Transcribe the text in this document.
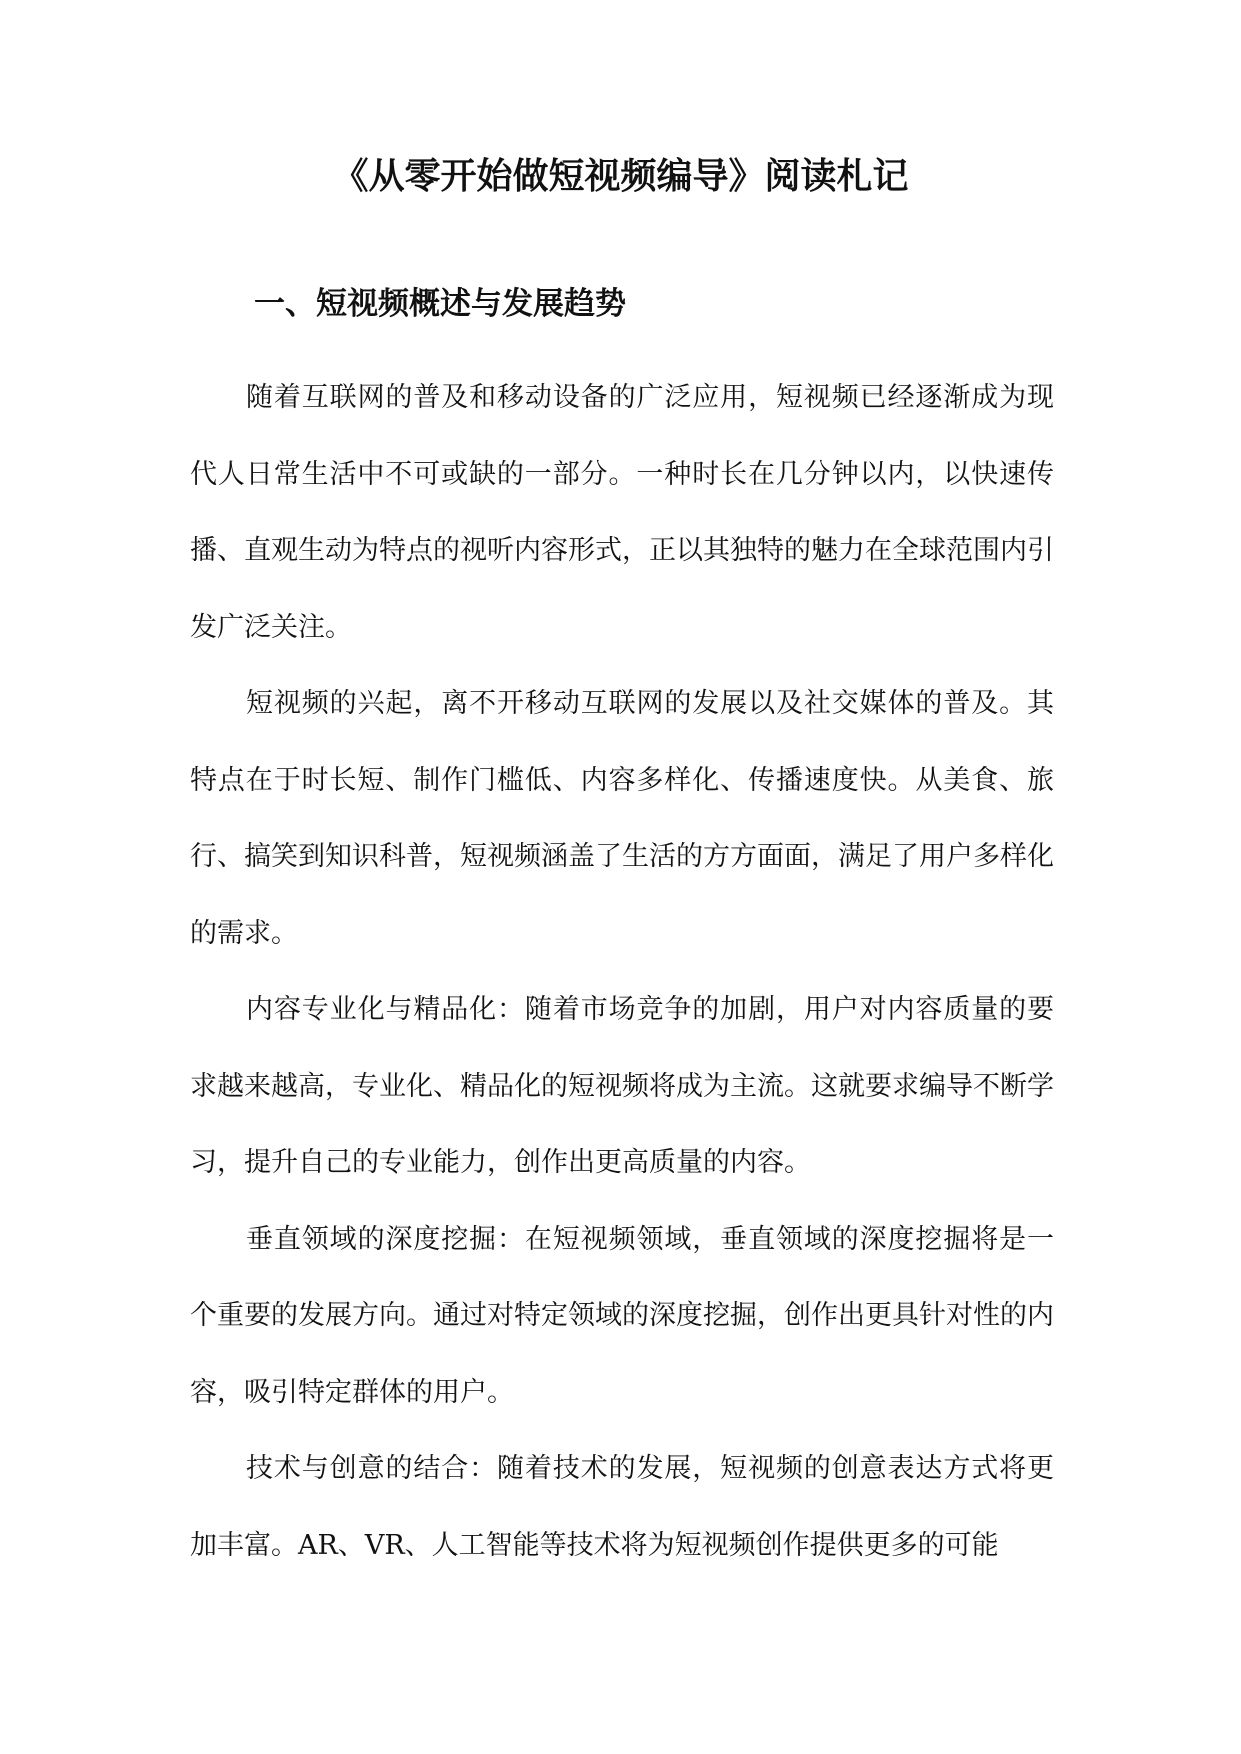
《从零开始做短视频编导》阅读札记
一、短视频概述与发展趋势

随着互联网的普及和移动设备的广泛应用，短视频已经逐渐成为现代人日常生活中不可或缺的一部分。一种时长在几分钟以内，以快速传播、直观生动为特点的视听内容形式，正以其独特的魅力在全球范围内引发广泛关注。

短视频的兴起，离不开移动互联网的发展以及社交媒体的普及。其特点在于时长短、制作门槛低、内容多样化、传播速度快。从美食、旅行、搞笑到知识科普，短视频涵盖了生活的方方面面，满足了用户多样化的需求。

内容专业化与精品化：随着市场竞争的加剧，用户对内容质量的要求越来越高，专业化、精品化的短视频将成为主流。这就要求编导不断学习，提升自己的专业能力，创作出更高质量的内容。

垂直领域的深度挖掘：在短视频领域，垂直领域的深度挖掘将是一个重要的发展方向。通过对特定领域的深度挖掘，创作出更具针对性的内容，吸引特定群体的用户。

技术与创意的结合：随着技术的发展，短视频的创意表达方式将更加丰富。AR、VR、人工智能等技术将为短视频创作提供更多的可能
